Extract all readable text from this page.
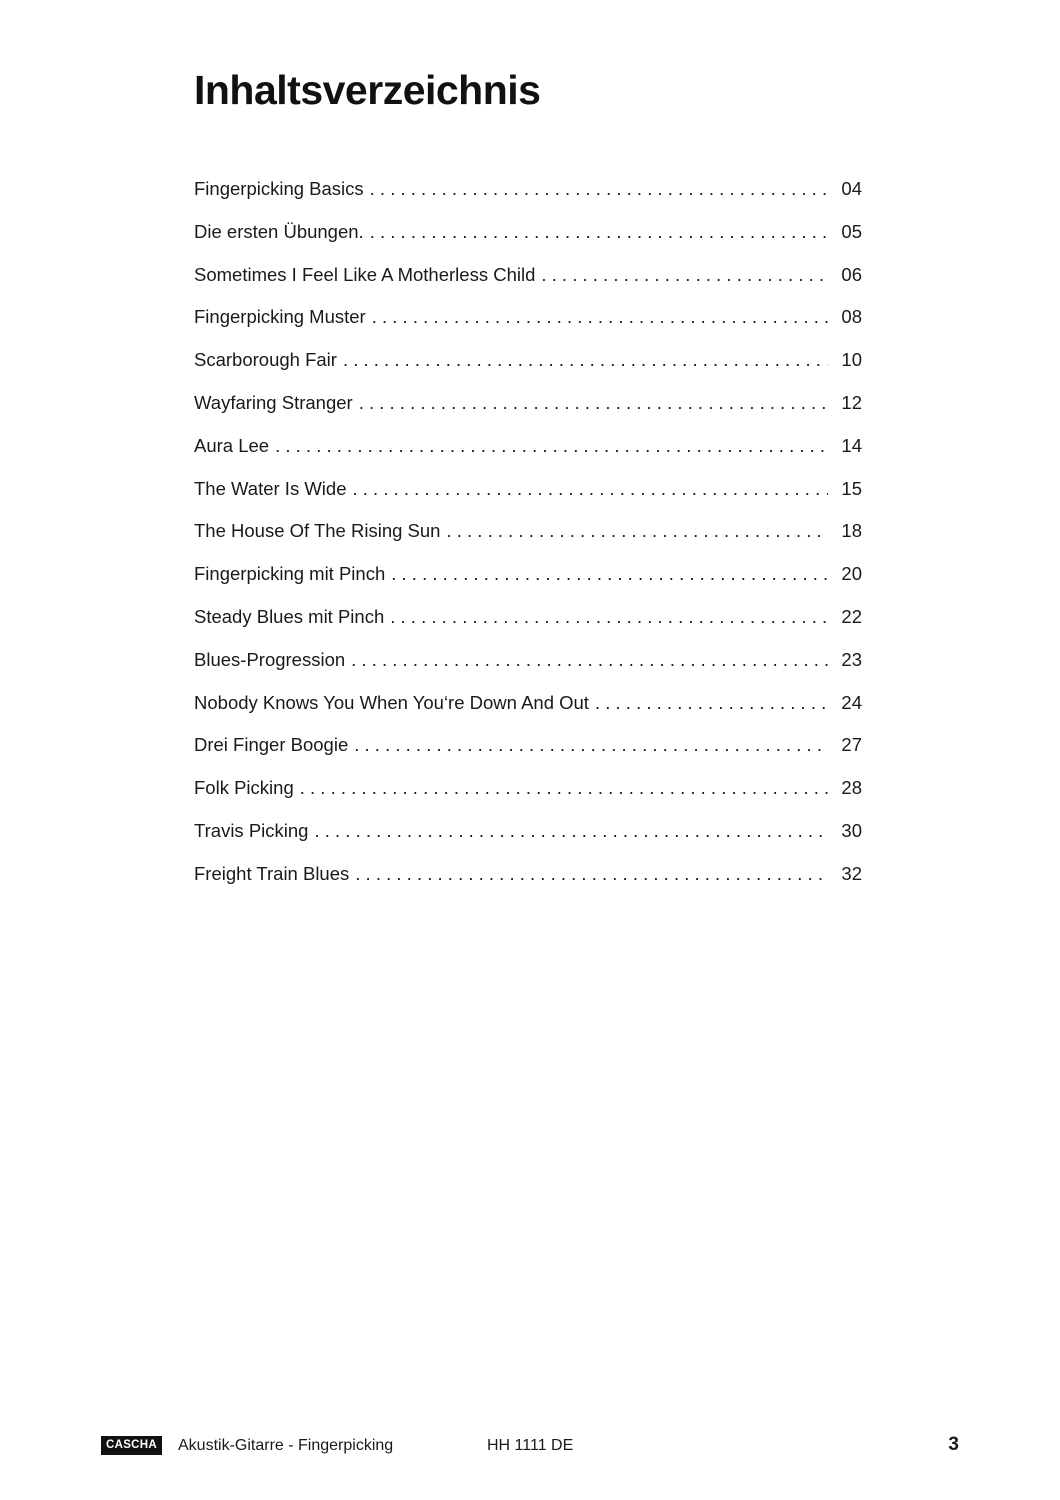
Inhaltsverzeichnis
Fingerpicking Basics . . .	04
Die ersten Übungen. . . .	05
Sometimes I Feel Like A Motherless Child . . .	06
Fingerpicking Muster . . .	08
Scarborough Fair . . .	10
Wayfaring Stranger . . .	12
Aura Lee . . .	14
The Water Is Wide . . .	15
The House Of The Rising Sun . . .	18
Fingerpicking mit Pinch . . .	20
Steady Blues mit Pinch . . .	22
Blues-Progression . . .	23
Nobody Knows You When You‘re Down And Out . . .	24
Drei Finger Boogie . . .	27
Folk Picking . . .	28
Travis Picking . . .	30
Freight Train Blues . . .	32
CASCHA	Akustik-Gitarre - Fingerpicking	HH 1111 DE	3
